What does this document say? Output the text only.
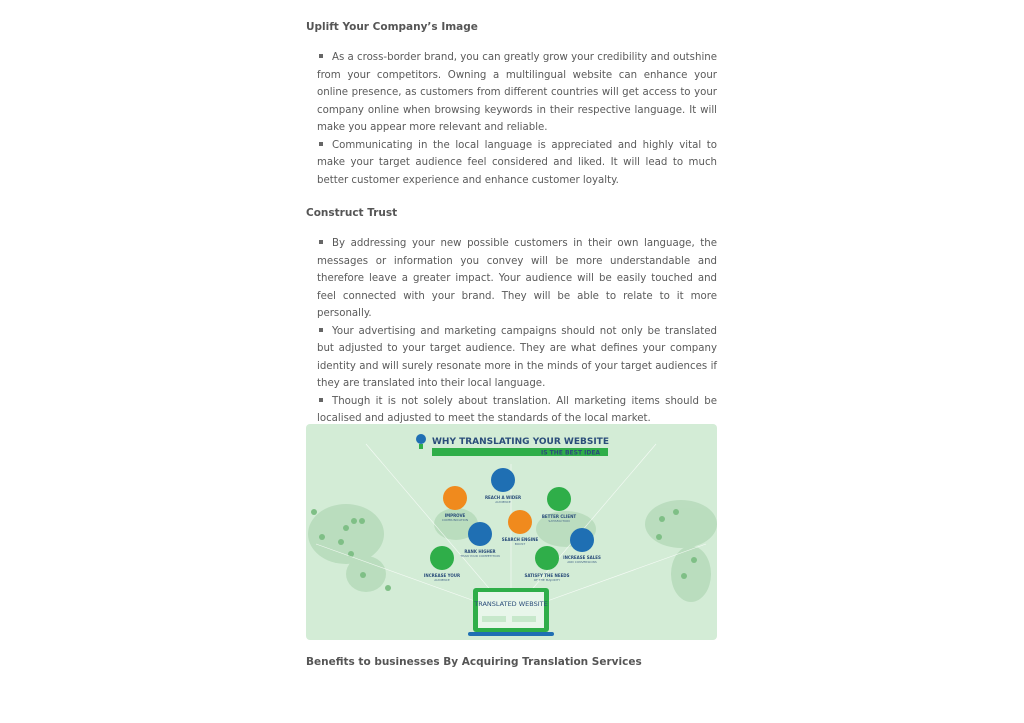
Uplift Your Company’s Image
As a cross-border brand, you can greatly grow your credibility and outshine from your competitors. Owning a multilingual website can enhance your online presence, as customers from different countries will get access to your company online when browsing keywords in their respective language. It will make you appear more relevant and reliable.
Communicating in the local language is appreciated and highly vital to make your target audience feel considered and liked. It will lead to much better customer experience and enhance customer loyalty.
Construct Trust
By addressing your new possible customers in their own language, the messages or information you convey will be more understandable and therefore leave a greater impact. Your audience will be easily touched and feel connected with your brand. They will be able to relate to it more personally.
Your advertising and marketing campaigns should not only be translated but adjusted to your target audience. They are what defines your company identity and will surely resonate more in the minds of your target audiences if they are translated into their local language.
Though it is not solely about translation. All marketing items should be localised and adjusted to meet the standards of the local market.
WHY TRANSLATING YOUR WEBSITE
IS THE BEST IDEA
REACH A WIDER
AUDIENCE
IMPROVE
COMMUNICATION
BETTER CLIENT
SATISFACTION
SEARCH ENGINE
BOOST
RANK HIGHER
THAN YOUR COMPETITION	INCREASE SALES
AND CONVERSIONS
INCREASE YOUR
AUDIENCE
SATISFY THE NEEDS
OF THE MAJORITY
TRANSLATED WEBSITE
Benefits to businesses By Acquiring Translation Services
